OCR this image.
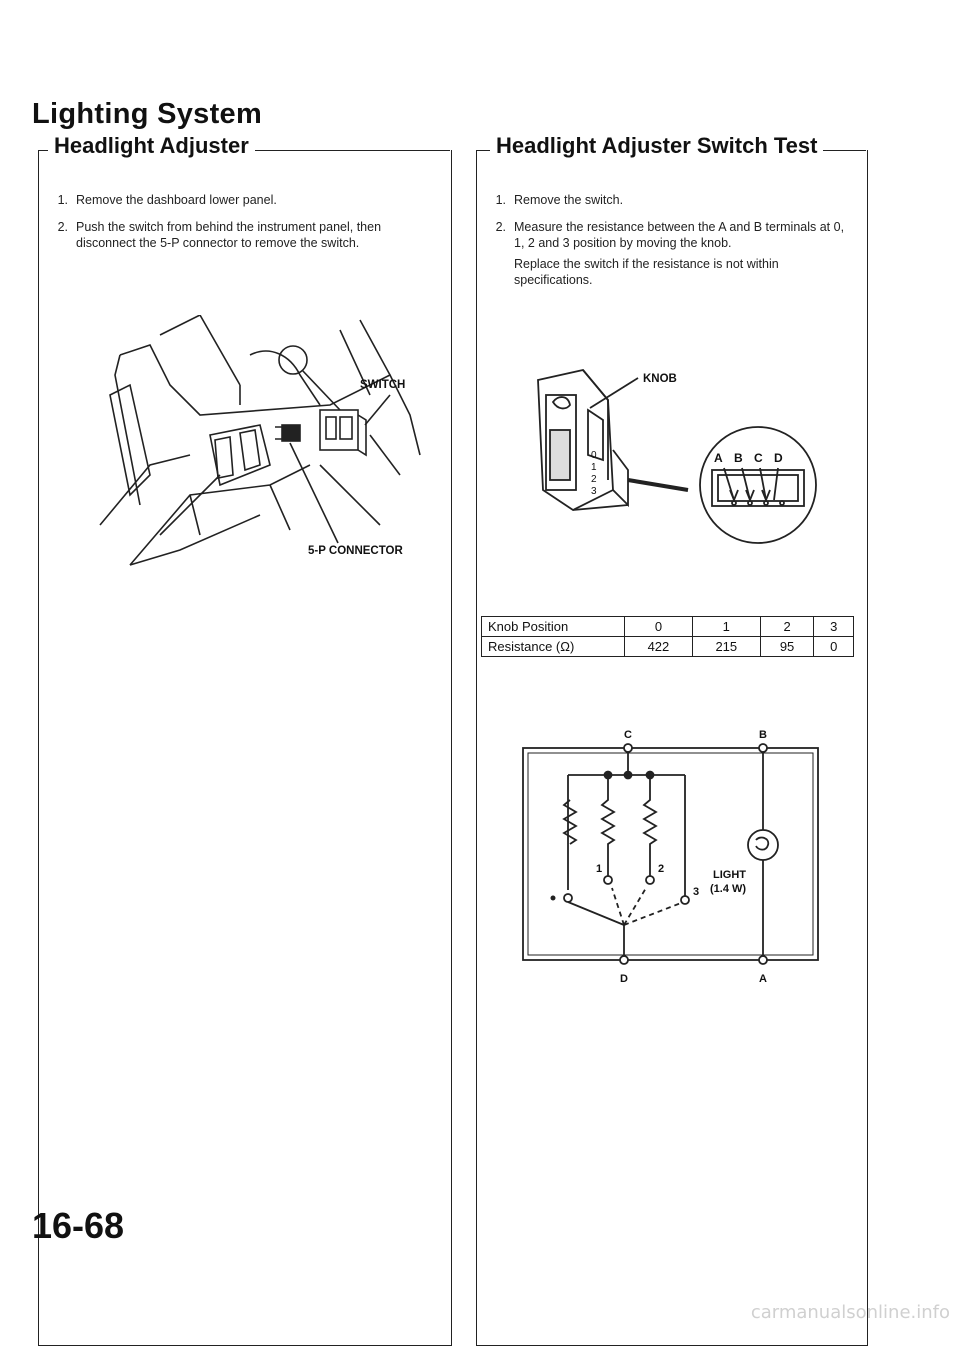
Lighting System
Headlight Adjuster
1. Remove the dashboard lower panel.

2. Push the switch from behind the instrument panel, then disconnect the 5-P connector to remove the switch.

SWITCH
5-P CONNECTOR
Headlight Adjuster Switch Test
1. Remove the switch.

2. Measure the resistance between the A and B terminals at 0, 1, 2 and 3 position by moving the knob.

Replace the switch if the resistance is not within specifications.

KNOB
0
1
2
3
A B C D
Knob Position	0	1	2	3
Resistance (Ω)	422	215	95	0
C	B
D	A
1	2
3
LIGHT
(1.4 W)
16-68
carmanualsonline.info
